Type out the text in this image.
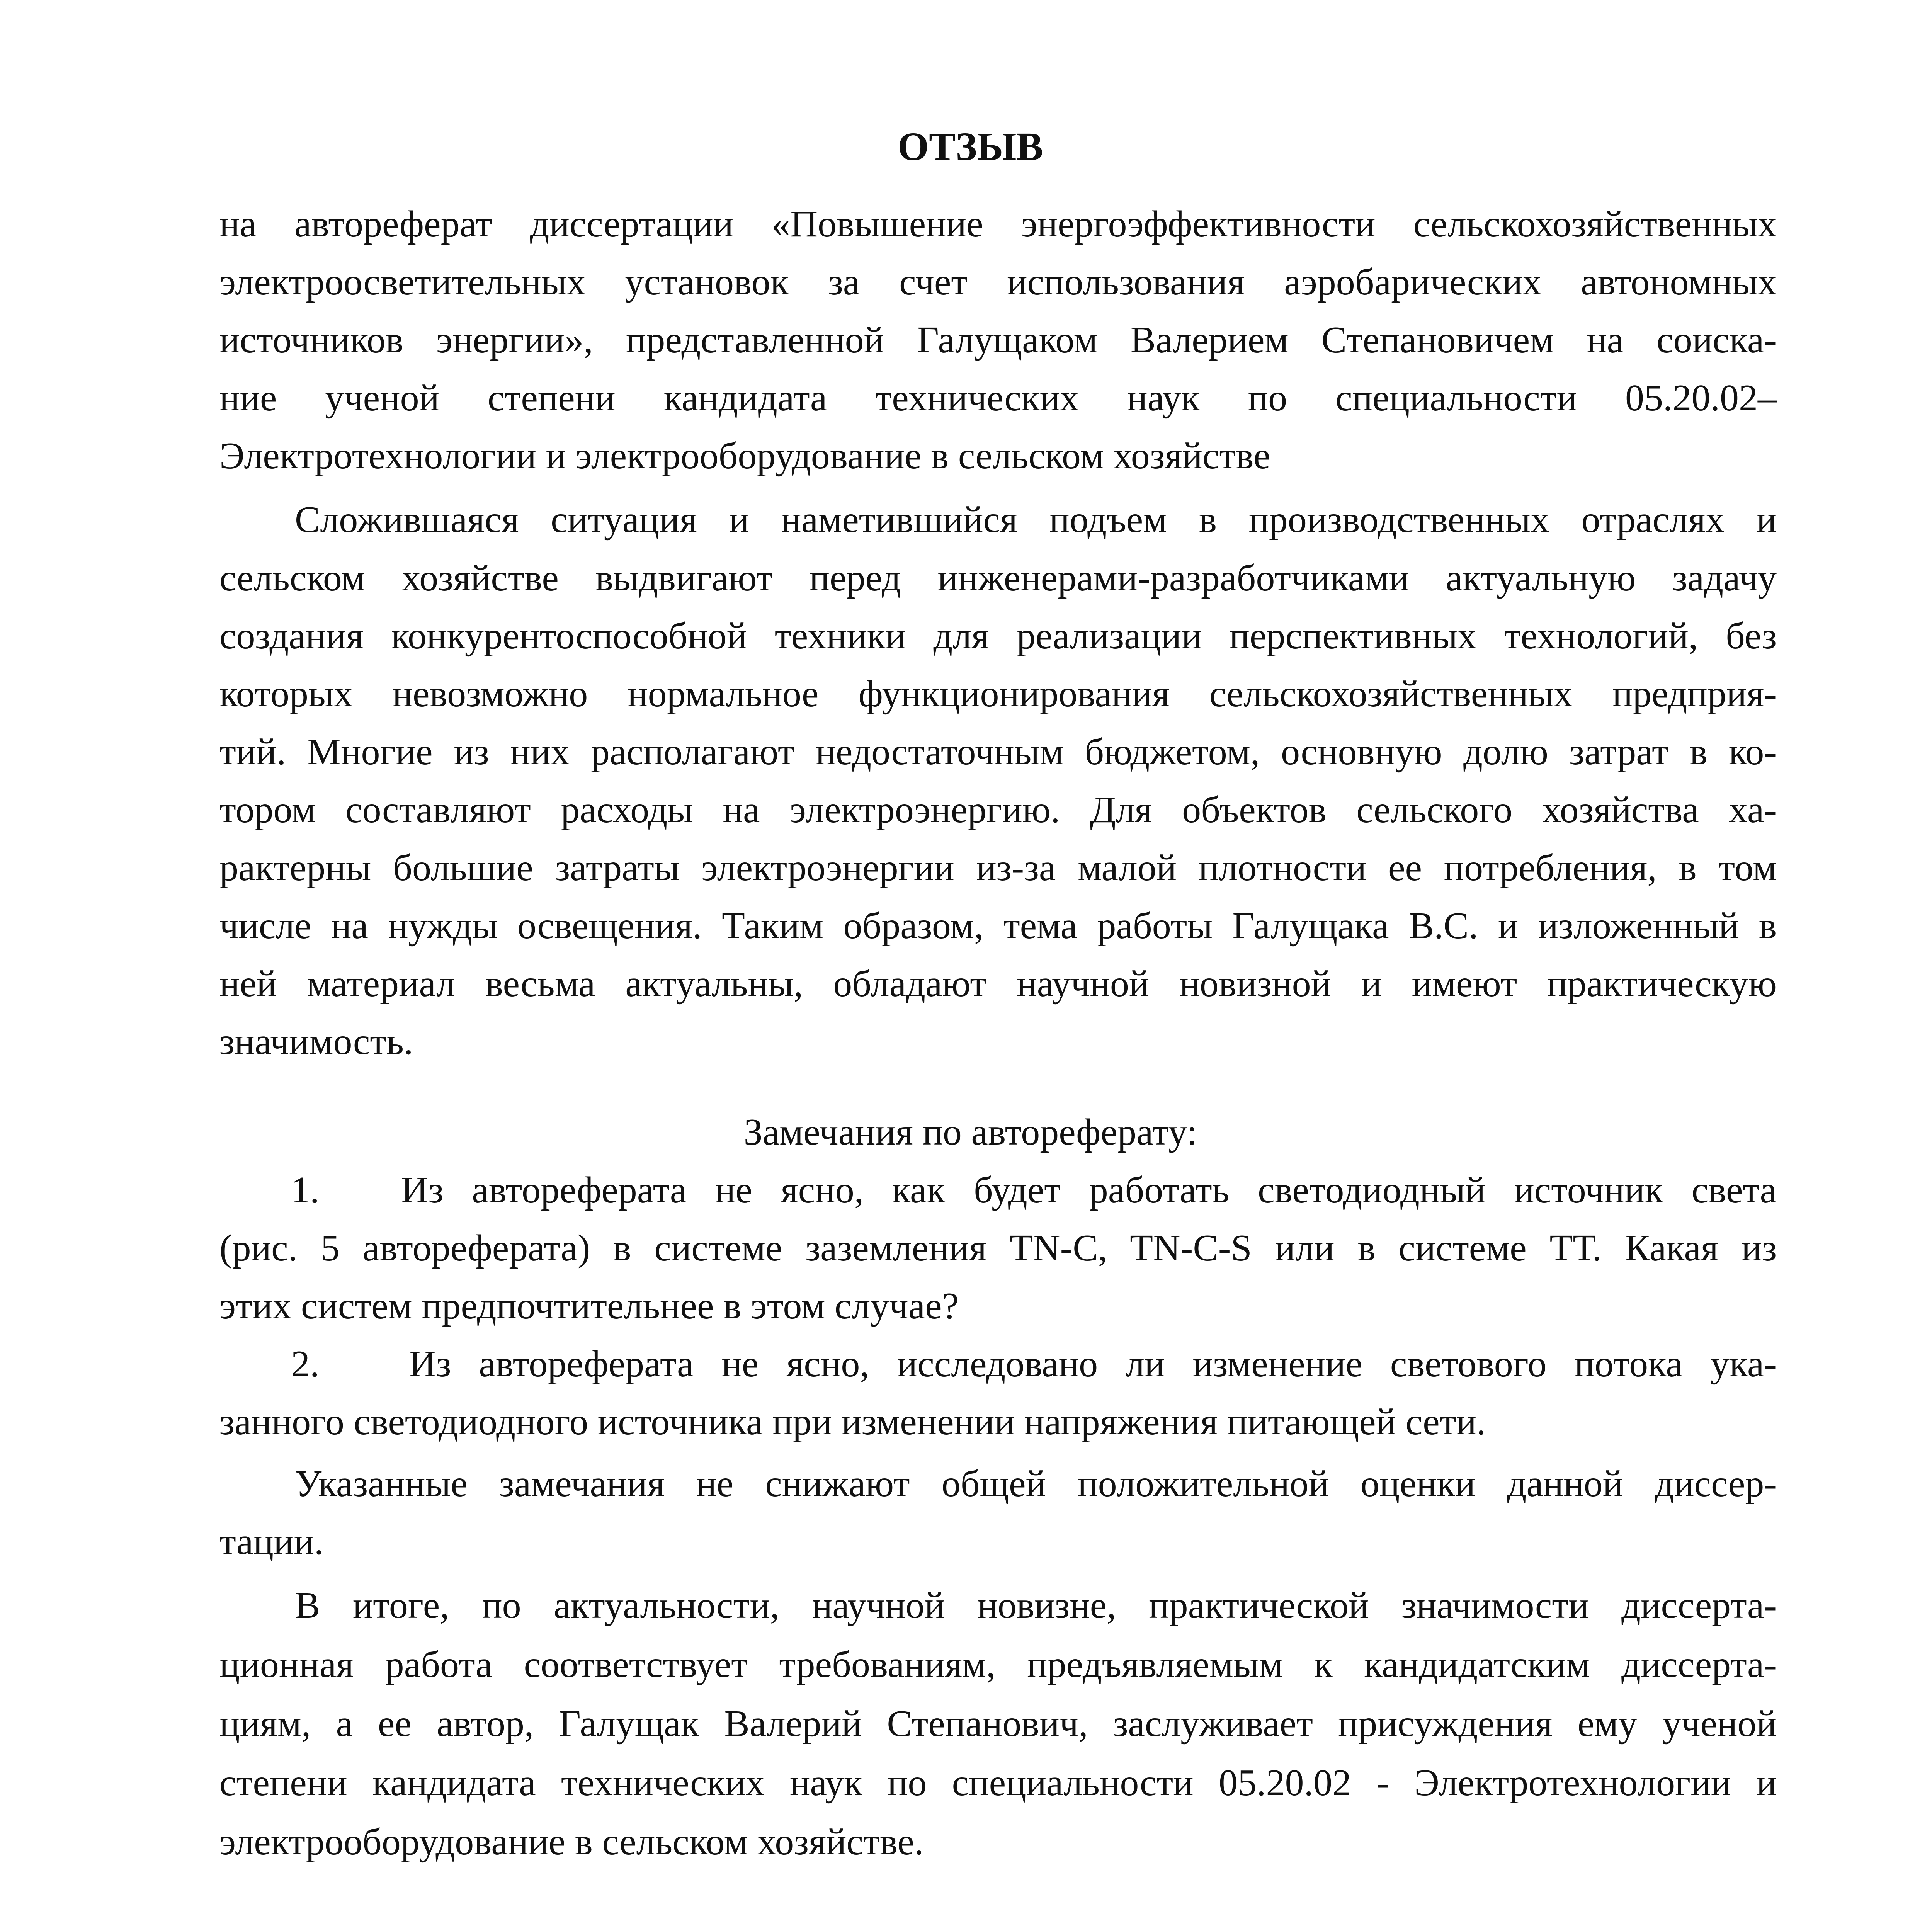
ОТЗЫВ
на автореферат диссертации «Повышение энергоэффективности сельскохозяйственных
электроосветительных установок за счет использования аэробарических автономных
источников энергии», представленной Галущаком Валерием Степановичем на соиска-
ние ученой степени кандидата технических наук по специальности 05.20.02–
Электротехнологии и электрооборудование в сельском хозяйстве
Сложившаяся ситуация и наметившийся подъем в производственных отраслях и
сельском хозяйстве выдвигают перед инженерами-разработчиками актуальную задачу
создания конкурентоспособной техники для реализации перспективных технологий, без
которых невозможно нормальное функционирования сельскохозяйственных предприя-
тий. Многие из них располагают недостаточным бюджетом, основную долю затрат в ко-
тором составляют расходы на электроэнергию. Для объектов сельского хозяйства ха-
рактерны большие затраты электроэнергии из-за малой плотности ее потребления, в том
числе на нужды освещения. Таким образом, тема работы Галущака В.С. и изложенный в
ней материал весьма актуальны, обладают научной новизной и имеют практическую
значимость.
Замечания по автореферату:
1. Из автореферата не ясно, как будет работать светодиодный источник света
(рис. 5 автореферата) в системе заземления TN-C, TN-C-S или в системе ТТ. Какая из
этих систем предпочтительнее в этом случае?
2. Из автореферата не ясно, исследовано ли изменение светового потока ука-
занного светодиодного источника при изменении напряжения питающей сети.
Указанные замечания не снижают общей положительной оценки данной диссер-
тации.
В итоге, по актуальности, научной новизне, практической значимости диссерта-
ционная работа соответствует требованиям, предъявляемым к кандидатским диссерта-
циям, а ее автор, Галущак Валерий Степанович, заслуживает присуждения ему ученой
степени кандидата технических наук по специальности 05.20.02 - Электротехнологии и
электрооборудование в сельском хозяйстве.
